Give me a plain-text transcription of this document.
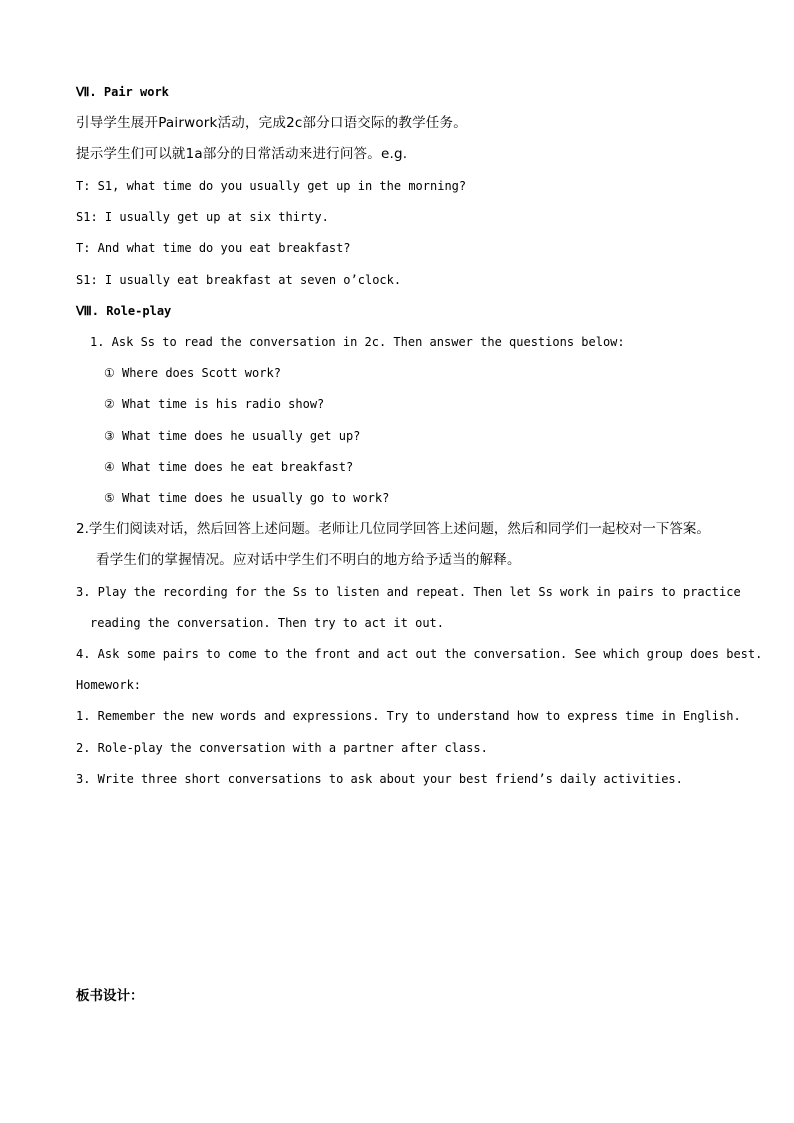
Ⅶ. Pair work
引导学生展开Pairwork活动，完成2c部分口语交际的教学任务。
提示学生们可以就1a部分的日常活动来进行问答。e.g.
T: S1, what time do you usually get up in the morning?
S1: I usually get up at six thirty.
T: And what time do you eat breakfast?
S1: I usually eat breakfast at seven o’clock.
Ⅷ. Role-play
1. Ask Ss to read the conversation in 2c. Then answer the questions below:
① Where does Scott work?
② What time is his radio show?
③ What time does he usually get up?
④ What time does he eat breakfast?
⑤ What time does he usually go to work?
2.学生们阅读对话，然后回答上述问题。老师让几位同学回答上述问题，然后和同学们一起校对一下答案。
看学生们的掌握情况。应对话中学生们不明白的地方给予适当的解释。
3. Play the recording for the Ss to listen and repeat. Then let Ss work in pairs to practice
reading the conversation. Then try to act it out.
4. Ask some pairs to come to the front and act out the conversation. See which group does best.
Homework:
1. Remember the new words and expressions. Try to understand how to express time in English.
2. Role-play the conversation with a partner after class.
3. Write three short conversations to ask about your best friend’s daily activities.
板书设计：
